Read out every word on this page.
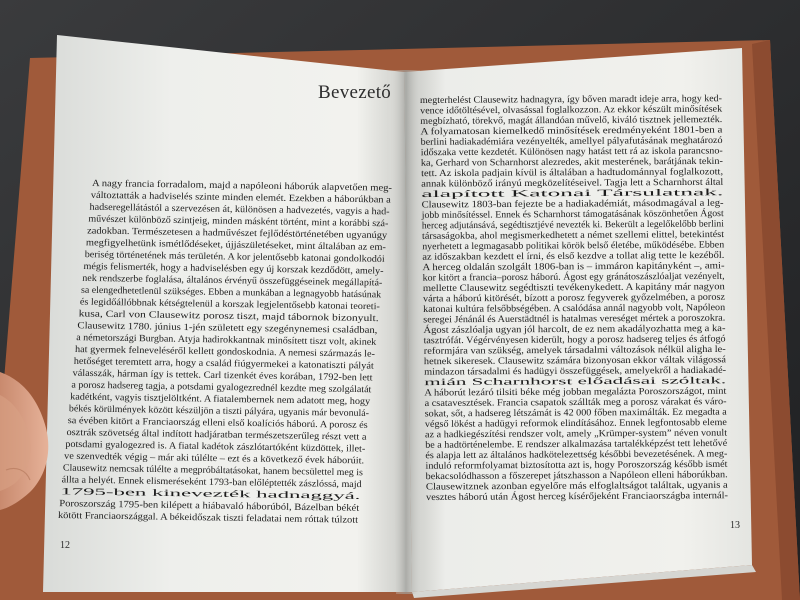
Bevezető
A nagy francia forradalom, majd a napóleoni háborúk alapvetően meg-
változtatták a hadviselés szinte minden elemét. Ezekben a háborúkban a
hadseregellátástól a szervezésen át, különösen a hadvezetés, vagyis a had-
művészet különböző szintjeig, minden másként történt, mint a korábbi szá-
zadokban. Természetesen a hadművészet fejlődéstörténetében ugyanúgy
megfigyelhetünk ismétlődéseket, újjászületéseket, mint általában az em-
beriség történetének más területén. A kor jelentősebb katonai gondolkodói
mégis felismerték, hogy a hadviselésben egy új korszak kezdődött, amely-
nek rendszerbe foglalása, általános érvényű összefüggéseinek megállapítá-
sa elengedhetetlenül szükséges. Ebben a munkában a legnagyobb hatásúnak
és legidőállóbbnak kétségtelenül a korszak legjelentősebb katonai teoreti-
kusa, Carl von Clausewitz porosz tiszt, majd tábornok bizonyult.
Clausewitz 1780. június 1-jén született egy szegénynemesi családban,
a németországi Burgban. Atyja hadirokkantnak minősített tiszt volt, akinek
hat gyermek felneveléséről kellett gondoskodnia. A nemesi származás le-
hetőséget teremtett arra, hogy a család fiúgyermekei a katonatiszti pályát
válasszák, hárman így is tettek. Carl tizenkét éves korában, 1792-ben lett
a porosz hadsereg tagja, a potsdami gyalogezrednél kezdte meg szolgálatát
kadétként, vagyis tisztjelöltként. A fiatalembernek nem adatott meg, hogy
békés körülmények között készüljön a tiszti pályára, ugyanis már bevonulá-
sa évében kitört a Franciaország elleni első koalíciós háború. A porosz és
osztrák szövetség által indított hadjáratban természetszerűleg részt vett a
potsdami gyalogezred is. A fiatal kadétok zászlótartóként küzdöttek, illet-
ve szenvedték végig – már aki túlélte – ezt és a következő évek háborúit.
Clausewitz nemcsak túlélte a megpróbáltatásokat, hanem becsülettel meg is
állta a helyét. Ennek elismeréseként 1793-ban előléptették zászlóssá, majd
1795-ben kinevezték hadnaggyá.
Poroszország 1795-ben kilépett a hiábavaló háborúból, Bázelban békét
kötött Franciaországgal. A békeidőszak tiszti feladatai nem róttak túlzott
megterhelést Clausewitz hadnagyra, így bőven maradt ideje arra, hogy ked-
vence időtöltésével, olvasással foglalkozzon. Az ekkor készült minősítések
megbízható, törekvő, magát állandóan művelő, kiváló tisztnek jellemezték.
A folyamatosan kiemelkedő minősítések eredményeként 1801-ben a
berlini hadiakadémiára vezényelték, amellyel pályafutásának meghatározó
időszaka vette kezdetét. Különösen nagy hatást tett rá az iskola parancsno-
ka, Gerhard von Scharnhorst alezredes, akit mesterének, barátjának tekin-
tett. Az iskola padjain kívül is általában a hadtudománnyal foglalkozott,
annak különböző irányú megközelítéseivel. Tagja lett a Scharnhorst által
alapított Katonai Társulatnak.
Clausewitz 1803-ban fejezte be a hadiakadémiát, másodmagával a leg-
jobb minősítéssel. Ennek és Scharnhorst támogatásának köszönhetően Ágost
herceg adjutánsává, segédtisztjévé nevezték ki. Bekerült a legelőkelőbb berlini
társaságokba, ahol megismerkedhetett a német szellemi elittel, betekintést
nyerhetett a legmagasabb politikai körök belső életébe, működésébe. Ebben
az időszakban kezdett el írni, és első kezdve a tollat alig tette le kezéből.
A herceg oldalán szolgált 1806-ban is – immáron kapitányként –, ami-
kor kitört a francia–porosz háború. Ágost egy gránátoszászlóaljat vezényelt,
mellette Clausewitz segédtiszti tevékenykedett. A kapitány már nagyon
várta a háború kitörését, bízott a porosz fegyverek győzelmében, a porosz
katonai kultúra felsőbbségében. A csalódása annál nagyobb volt, Napóleon
seregei Jénánál és Auerstädtnél is hatalmas vereséget mértek a poroszokra.
Ágost zászlóalja ugyan jól harcolt, de ez nem akadályozhatta meg a ka-
tasztrófát. Végérvényesen kiderült, hogy a porosz hadsereg teljes és átfogó
reformjára van szükség, amelyek társadalmi változások nélkül aligha le-
hetnek sikeresek. Clausewitz számára bizonyosan ekkor váltak világossá
mindazon társadalmi és hadügyi összefüggések, amelyekről a hadiakadé-
mián Scharnhorst előadásai szóltak.
A háborút lezáró tilsiti béke még jobban megalázta Poroszországot, mint
a csatavesztések. Francia csapatok szállták meg a porosz várakat és váro-
sokat, sőt, a hadsereg létszámát is 42 000 főben maximálták. Ez megadta a
végső lökést a hadügyi reformok elindításához. Ennek legfontosabb eleme
az a hadkiegészítési rendszer volt, amely „Krümper-system” néven vonult
be a hadtörténelembe. E rendszer alkalmazása tartalékképzést tett lehetővé
és alapja lett az általános hadkötelezettség későbbi bevezetésének. A meg-
induló reformfolyamat biztosította azt is, hogy Poroszország később ismét
bekacsolódhasson a főszerepet játszhasson a Napóleon elleni háborúkban.
Clausewitznek azonban egyelőre más elfoglaltságot találtak, ugyanis a
vesztes háború után Ágost herceg kísérőjeként Franciaországba internál-
12
13
